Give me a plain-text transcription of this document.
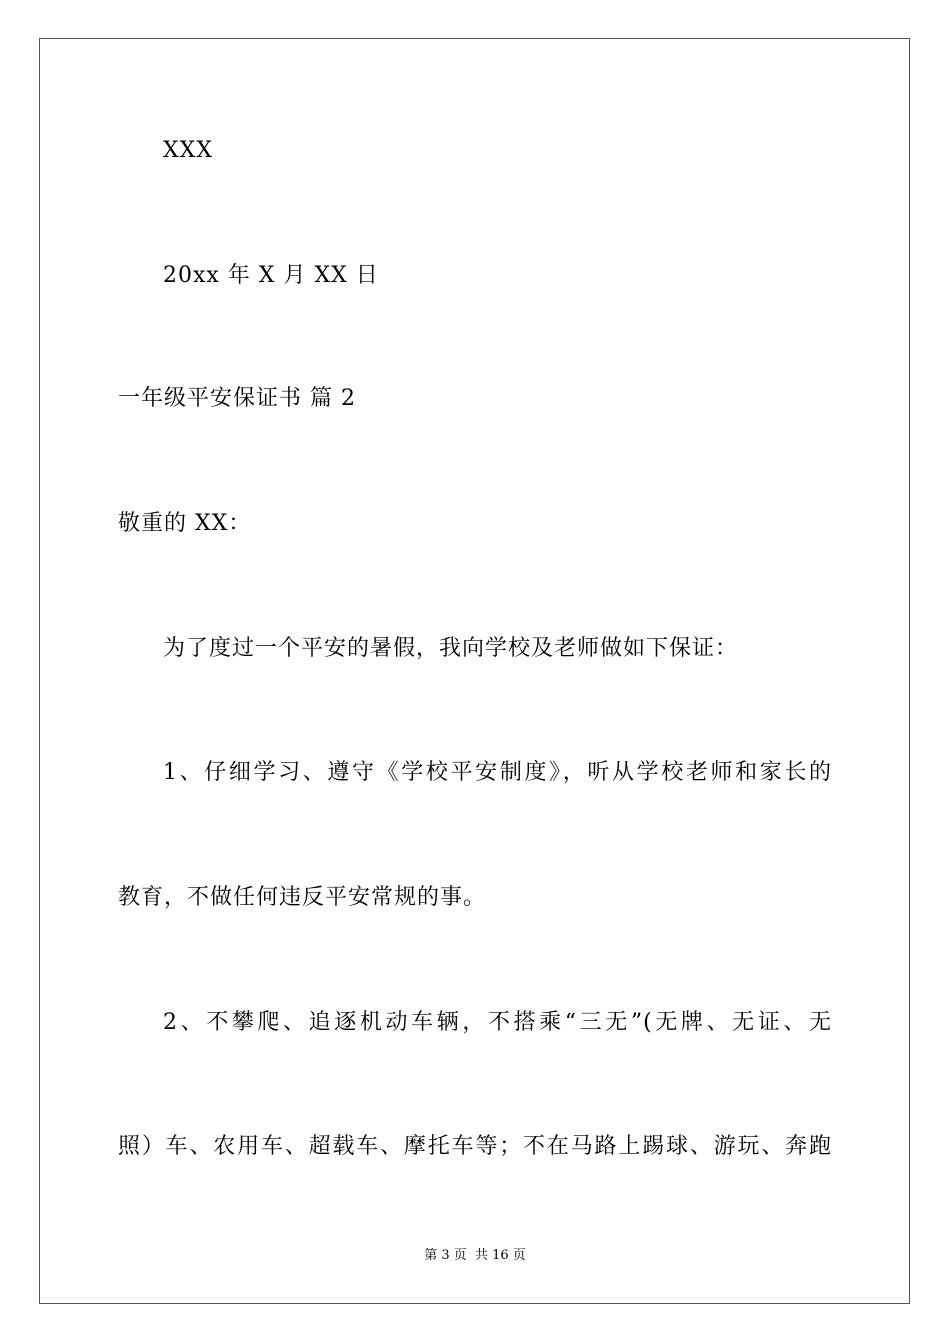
XXX
20xx 年 X 月 XX 日
一年级平安保证书 篇 2
敬重的 XX：
为了度过一个平安的暑假，我向学校及老师做如下保证：
1、仔细学习、遵守《学校平安制度》，听从学校老师和家长的
教育，不做任何违反平安常规的事。
2、不攀爬、追逐机动车辆，不搭乘“三无”(无牌、无证、无
照）车、农用车、超载车、摩托车等；不在马路上踢球、游玩、奔跑
第 3 页 共 16 页
